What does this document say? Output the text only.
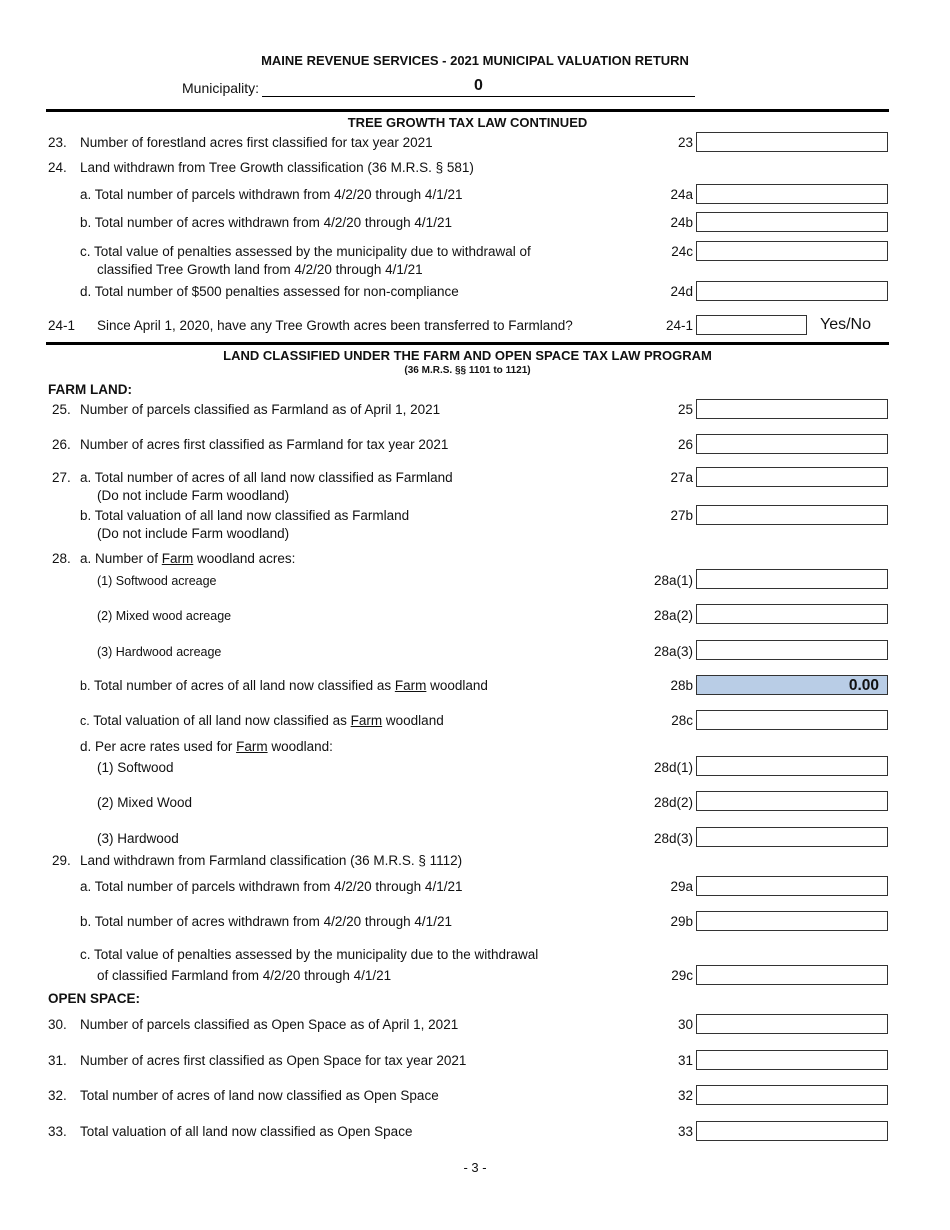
MAINE REVENUE SERVICES - 2021 MUNICIPAL VALUATION RETURN
Municipality:	0
TREE GROWTH TAX LAW CONTINUED
23. Number of forestland acres first classified for tax year 2021	23
24. Land withdrawn from Tree Growth classification (36 M.R.S. § 581)
a. Total number of parcels withdrawn from 4/2/20 through 4/1/21	24a
b. Total number of acres withdrawn from 4/2/20 through 4/1/21	24b
c. Total value of penalties assessed by the municipality due to withdrawal of
classified Tree Growth land from 4/2/20 through 4/1/21
24c
d. Total number of $500 penalties assessed for non-compliance	24d
24-1 Since April 1, 2020, have any Tree Growth acres been transferred to Farmland?	24-1	Yes/No
LAND CLASSIFIED UNDER THE FARM AND OPEN SPACE TAX LAW PROGRAM
(36 M.R.S. §§ 1101 to 1121)
FARM LAND:
25. Number of parcels classified as Farmland as of April 1, 2021	25
26. Number of acres first classified as Farmland for tax year 2021	26
27. a. Total number of acres of all land now classified as Farmland
(Do not include Farm woodland)
27a
b. Total valuation of all land now classified as Farmland
(Do not include Farm woodland)
27b
28. a. Number of Farm woodland acres:
(1) Softwood acreage	28a(1)
(2) Mixed wood acreage	28a(2)
(3) Hardwood acreage	28a(3)
b. Total number of acres of all land now classified as Farm woodland	28b	0.00
c. Total valuation of all land now classified as Farm woodland	28c
d. Per acre rates used for Farm woodland:
(1) Softwood	28d(1)
(2) Mixed Wood	28d(2)
(3) Hardwood	28d(3)
29. Land withdrawn from Farmland classification (36 M.R.S. § 1112)
a. Total number of parcels withdrawn from 4/2/20 through 4/1/21	29a
b. Total number of acres withdrawn from 4/2/20 through 4/1/21	29b
c. Total value of penalties assessed by the municipality due to the withdrawal
of classified Farmland from 4/2/20 through 4/1/21	29c
OPEN SPACE:
30. Number of parcels classified as Open Space as of April 1, 2021	30
31. Number of acres first classified as Open Space for tax year 2021	31
32. Total number of acres of land now classified as Open Space	32
33. Total valuation of all land now classified as Open Space	33
- 3 -
